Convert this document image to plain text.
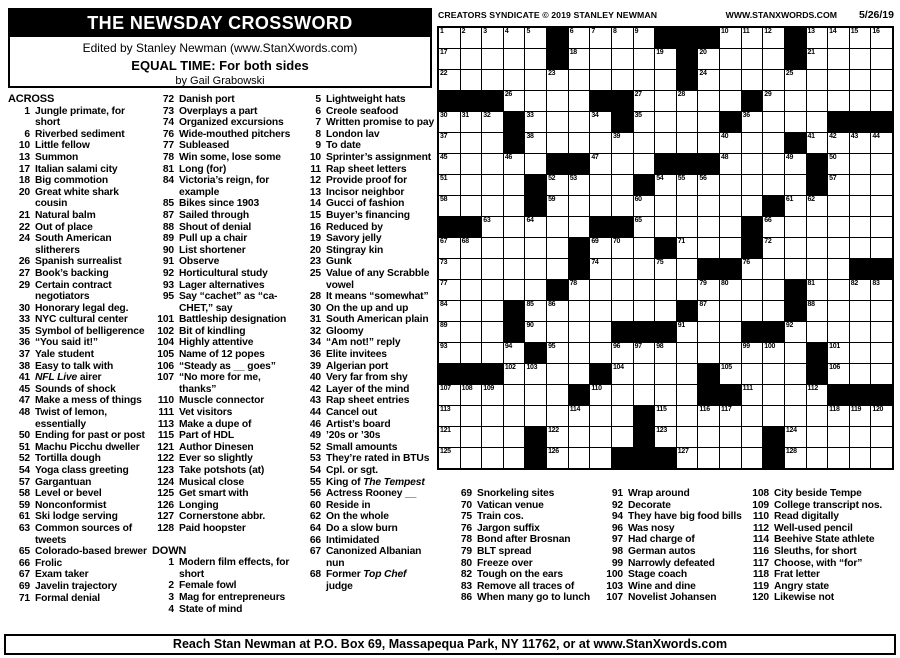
THE NEWSDAY CROSSWORD
Edited by Stanley Newman (www.StanXwords.com)
EQUAL TIME: For both sides
by Gail Grabowski
CREATORS SYNDICATE © 2019 STANLEY NEWMAN	WWW.STANXWORDS.COM 5/26/19
1	2	3	4	5	6	7	8	9	10 11 12	13 14 15 16
17	18	19	20	21
22	23	24	25
26	27	28	29
30 31 32	33	34	35	36
37	38	39	40	41 42 43 44
45	46	47	48	49	50
51	52 53	54 55 56	57
58	59	60	61 62
63	64	65	66
67 68	69 70	71	72
73	74	75	76
77	78	79 80	81	82 83
84	85 86	87	88
89	90	91	92
93	94	95	96 97 98	99 100	101
102 103	104	105	106
107 108 109	110	111	112
113	114	115	116 117	118 119 120
121	122	123	124
125	126	127	128
ACROSS
1 Jungle primate, for short
6 Riverbed sediment
10 Little fellow
13 Summon
17 Italian salami city
18 Big commotion
20 Great white shark cousin
21 Natural balm
22 Out of place
24 South American slitherers
26 Spanish surrealist
27 Book’s backing
29 Certain contract negotiators
30 Honorary legal deg.
33 NYC cultural center
35 Symbol of belligerence
36 “You said it!”
37 Yale student
38 Easy to talk with
41 NFL Live airer
45 Sounds of shock
47 Make a mess of things
48 Twist of lemon, essentially
50 Ending for past or post
51 Machu Picchu dweller
52 Tortilla dough
54 Yoga class greeting
57 Gargantuan
58 Level or bevel
59 Nonconformist
61 Ski lodge serving
63 Common sources of tweets
65 Colorado-based brewer
66 Frolic
67 Exam taker
69 Javelin trajectory
71 Formal denial
72 Danish port
73 Overplays a part
74 Organized excursions
76 Wide-mouthed pitchers
77 Subleased
78 Win some, lose some
81 Long (for)
84 Victoria’s reign, for example
85 Bikes since 1903
87 Sailed through
88 Shout of denial
89 Pull up a chair
90 List shortener
91 Observe
92 Horticultural study
93 Lager alternatives
95 Say “cachet” as “ca-CHET,” say
101 Battleship designation
102 Bit of kindling
104 Highly attentive
105 Name of 12 popes
106 “Steady as __ goes”
107 “No more for me, thanks”
110 Muscle connector
111 Vet visitors
113 Make a dupe of
115 Part of HDL
121 Author Dinesen
122 Ever so slightly
123 Take potshots (at)
124 Musical close
125 Get smart with
126 Longing
127 Cornerstone abbr.
128 Paid hoopster
DOWN
1 Modern film effects, for short
2 Female fowl
3 Mag for entrepreneurs
4 State of mind
5 Lightweight hats
6 Creole seafood
7 Written promise to pay
8 London lav
9 To date
10 Sprinter’s assignment
11 Rap sheet letters
12 Provide proof for
13 Incisor neighbor
14 Gucci of fashion
15 Buyer’s financing
16 Reduced by
19 Savory jelly
20 Stingray kin
23 Gunk
25 Value of any Scrabble vowel
28 It means “somewhat”
30 On the up and up
31 South American plain
32 Gloomy
34 “Am not!” reply
36 Elite invitees
39 Algerian port
40 Very far from shy
42 Layer of the mind
43 Rap sheet entries
44 Cancel out
46 Artist’s board
49 ’20s or ’30s
52 Small amounts
53 They’re rated in BTUs
54 Cpl. or sgt.
55 King of The Tempest
56 Actress Rooney __
60 Reside in
62 On the whole
64 Do a slow burn
66 Intimidated
67 Canonized Albanian nun
68 Former Top Chef judge
69 Snorkeling sites
70 Vatican venue
75 Train cos.
76 Jargon suffix
78 Bond after Brosnan
79 BLT spread
80 Freeze over
82 Tough on the ears
83 Remove all traces of
86 When many go to lunch
91 Wrap around
92 Decorate
94 They have big food bills
96 Was nosy
97 Had charge of
98 German autos
99 Narrowly defeated
100 Stage coach
103 Wine and dine
107 Novelist Johansen
108 City beside Tempe
109 College transcript nos.
110 Read digitally
112 Well-used pencil
114 Beehive State athlete
116 Sleuths, for short
117 Choose, with “for”
118 Frat letter
119 Angry state
120 Likewise not
Reach Stan Newman at P.O. Box 69, Massapequa Park, NY 11762, or at www.StanXwords.com
